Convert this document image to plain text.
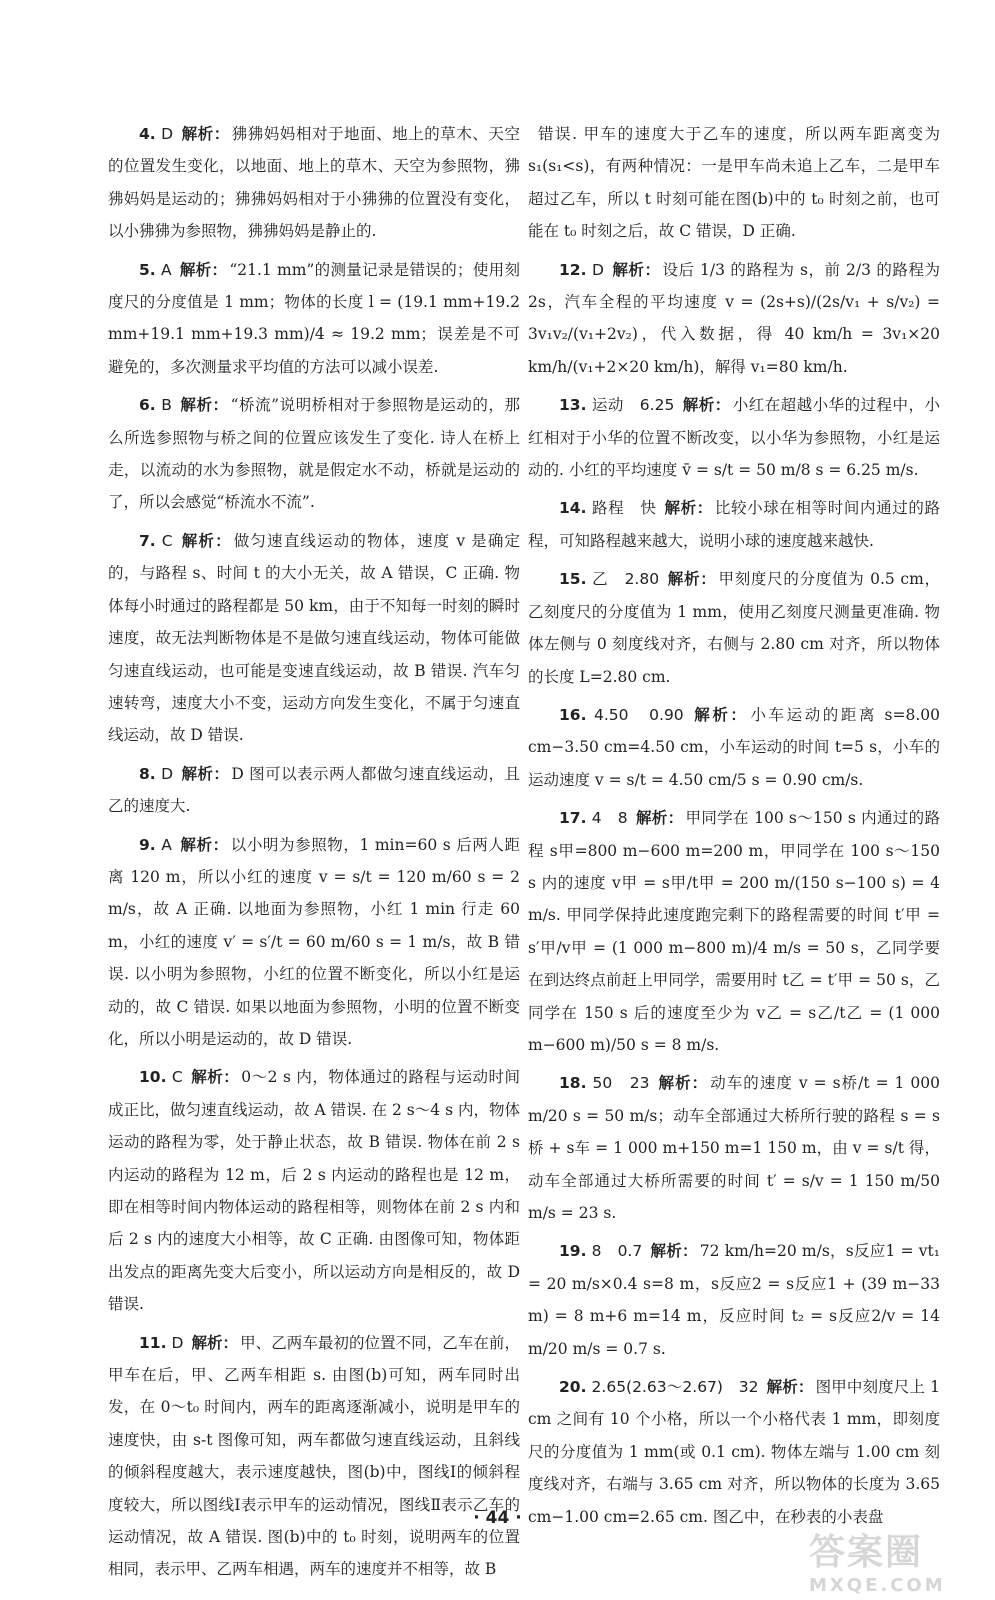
4. D 解析： 狒狒妈妈相对于地面、地上的草木、天空的位置发生变化，以地面、地上的草木、天空为参照物，狒狒妈妈是运动的；狒狒妈妈相对于小狒狒的位置没有变化，以小狒狒为参照物，狒狒妈妈是静止的.

5. A 解析： “21.1 mm”的测量记录是错误的；使用刻度尺的分度值是 1 mm；物体的长度 l = (19.1 mm+19.2 mm+19.1 mm+19.3 mm)/4 ≈ 19.2 mm；误差是不可避免的，多次测量求平均值的方法可以减小误差.

6. B 解析： “桥流”说明桥相对于参照物是运动的，那么所选参照物与桥之间的位置应该发生了变化. 诗人在桥上走，以流动的水为参照物，就是假定水不动，桥就是运动的了，所以会感觉“桥流水不流”.

7. C 解析： 做匀速直线运动的物体，速度 v 是确定的，与路程 s、时间 t 的大小无关，故 A 错误，C 正确. 物体每小时通过的路程都是 50 km，由于不知每一时刻的瞬时速度，故无法判断物体是不是做匀速直线运动，物体可能做匀速直线运动，也可能是变速直线运动，故 B 错误. 汽车匀速转弯，速度大小不变，运动方向发生变化，不属于匀速直线运动，故 D 错误.

8. D 解析： D 图可以表示两人都做匀速直线运动，且乙的速度大.

9. A 解析： 以小明为参照物，1 min=60 s 后两人距离 120 m，所以小红的速度 v = s/t = 120 m/60 s = 2 m/s，故 A 正确. 以地面为参照物，小红 1 min 行走 60 m，小红的速度 v′ = s′/t = 60 m/60 s = 1 m/s，故 B 错误. 以小明为参照物，小红的位置不断变化，所以小红是运动的，故 C 错误. 如果以地面为参照物，小明的位置不断变化，所以小明是运动的，故 D 错误.

10. C 解析： 0～2 s 内，物体通过的路程与运动时间成正比，做匀速直线运动，故 A 错误. 在 2 s～4 s 内，物体运动的路程为零，处于静止状态，故 B 错误. 物体在前 2 s 内运动的路程为 12 m，后 2 s 内运动的路程也是 12 m，即在相等时间内物体运动的路程相等，则物体在前 2 s 内和后 2 s 内的速度大小相等，故 C 正确. 由图像可知，物体距出发点的距离先变大后变小，所以运动方向是相反的，故 D 错误.

11. D 解析： 甲、乙两车最初的位置不同，乙车在前，甲车在后，甲、乙两车相距 s. 由图(b)可知，两车同时出发，在 0～t₀ 时间内，两车的距离逐渐减小，说明是甲车的速度快，由 s-t 图像可知，两车都做匀速直线运动，且斜线的倾斜程度越大，表示速度越快，图(b)中，图线Ⅰ的倾斜程度较大，所以图线Ⅰ表示甲车的运动情况，图线Ⅱ表示乙车的运动情况，故 A 错误. 图(b)中的 t₀ 时刻，说明两车的位置相同，表示甲、乙两车相遇，两车的速度并不相等，故 B

错误. 甲车的速度大于乙车的速度，所以两车距离变为 s₁(s₁<s)，有两种情况：一是甲车尚未追上乙车，二是甲车超过乙车，所以 t 时刻可能在图(b)中的 t₀ 时刻之前，也可能在 t₀ 时刻之后，故 C 错误，D 正确.

12. D 解析： 设后 1/3 的路程为 s，前 2/3 的路程为 2s，汽车全程的平均速度 v = (2s+s)/(2s/v₁ + s/v₂) = 3v₁v₂/(v₁+2v₂)，代入数据，得 40 km/h = 3v₁×20 km/h/(v₁+2×20 km/h)，解得 v₁=80 km/h.

13. 运动　6.25 解析： 小红在超越小华的过程中，小红相对于小华的位置不断改变，以小华为参照物，小红是运动的. 小红的平均速度 v̄ = s/t = 50 m/8 s = 6.25 m/s.

14. 路程　快 解析： 比较小球在相等时间内通过的路程，可知路程越来越大，说明小球的速度越来越快.

15. 乙　2.80 解析： 甲刻度尺的分度值为 0.5 cm，乙刻度尺的分度值为 1 mm，使用乙刻度尺测量更准确. 物体左侧与 0 刻度线对齐，右侧与 2.80 cm 对齐，所以物体的长度 L=2.80 cm.

16. 4.50　0.90 解析： 小车运动的距离 s=8.00 cm−3.50 cm=4.50 cm，小车运动的时间 t=5 s，小车的运动速度 v = s/t = 4.50 cm/5 s = 0.90 cm/s.

17. 4　8 解析： 甲同学在 100 s～150 s 内通过的路程 s甲=800 m−600 m=200 m，甲同学在 100 s～150 s 内的速度 v甲 = s甲/t甲 = 200 m/(150 s−100 s) = 4 m/s. 甲同学保持此速度跑完剩下的路程需要的时间 t′甲 = s′甲/v甲 = (1 000 m−800 m)/4 m/s = 50 s，乙同学要在到达终点前赶上甲同学，需要用时 t乙 = t′甲 = 50 s，乙同学在 150 s 后的速度至少为 v乙 = s乙/t乙 = (1 000 m−600 m)/50 s = 8 m/s.

18. 50　23 解析： 动车的速度 v = s桥/t = 1 000 m/20 s = 50 m/s；动车全部通过大桥所行驶的路程 s = s桥 + s车 = 1 000 m+150 m=1 150 m，由 v = s/t 得，动车全部通过大桥所需要的时间 t′ = s/v = 1 150 m/50 m/s = 23 s.

19. 8　0.7 解析： 72 km/h=20 m/s，s反应1 = vt₁ = 20 m/s×0.4 s=8 m，s反应2 = s反应1 + (39 m−33 m) = 8 m+6 m=14 m，反应时间 t₂ = s反应2/v = 14 m/20 m/s = 0.7 s.

20. 2.65(2.63～2.67)　32 解析： 图甲中刻度尺上 1 cm 之间有 10 个小格，所以一个小格代表 1 mm，即刻度尺的分度值为 1 mm(或 0.1 cm). 物体左端与 1.00 cm 刻度线对齐，右端与 3.65 cm 对齐，所以物体的长度为 3.65 cm−1.00 cm=2.65 cm. 图乙中，在秒表的小表盘

· 44 ·
答案圈
MXQE.COM
